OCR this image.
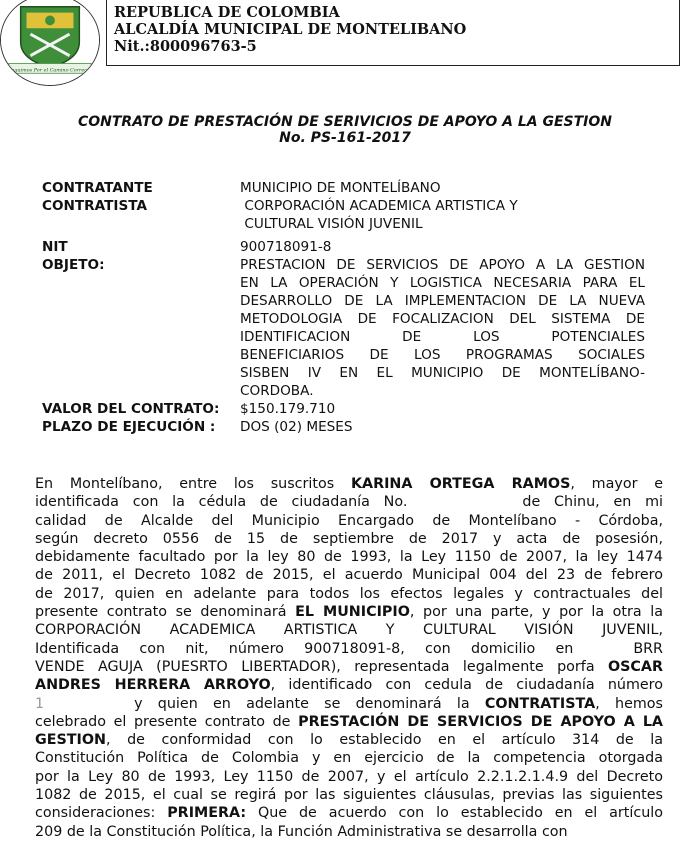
Seguimos Por el Camino Correcto
REPUBLICA DE COLOMBIA
ALCALDÍA MUNICIPAL DE MONTELIBANO
Nit.:800096763-5
CONTRATO DE PRESTACIÓN DE SERIVICIOS DE APOYO A LA GESTION
No. PS-161-2017
CONTRATANTE	MUNICIPIO DE MONTELÍBANO
CONTRATISTA	CORPORACIÓN ACADEMICA ARTISTICA Y
CULTURAL VISIÓN JUVENIL
NIT	900718091-8
OBJETO:	PRESTACION DE SERVICIOS DE APOYO A LA GESTION
EN LA OPERACIÓN Y LOGISTICA NECESARIA PARA EL
DESARROLLO DE LA IMPLEMENTACION DE LA NUEVA
METODOLOGIA DE FOCALIZACION DEL SISTEMA DE
IDENTIFICACION DE LOS POTENCIALES
BENEFICIARIOS DE LOS PROGRAMAS SOCIALES
SISBEN IV EN EL MUNICIPIO DE MONTELÍBANO-
CORDOBA.
VALOR DEL CONTRATO: $150.179.710
PLAZO DE EJECUCIÓN : DOS (02) MESES
En Montelíbano, entre los suscritos KARINA ORTEGA RAMOS, mayor e
identificada con la cédula de ciudadanía No.	de Chinu, en mi
calidad de Alcalde del Municipio Encargado de Montelíbano - Córdoba,
según decreto 0556 de 15 de septiembre de 2017 y acta de posesión,
debidamente facultado por la ley 80 de 1993, la Ley 1150 de 2007, la ley 1474
de 2011, el Decreto 1082 de 2015, el acuerdo Municipal 004 del 23 de febrero
de 2017, quien en adelante para todos los efectos legales y contractuales del
presente contrato se denominará EL MUNICIPIO, por una parte, y por la otra la
CORPORACIÓN ACADEMICA ARTISTICA Y CULTURAL VISIÓN JUVENIL,
Identificada con nit, número 900718091-8, con domicilio en	BRR
VENDE AGUJA (PUESRTO LIBERTADOR), representada legalmente porfa OSCAR
ANDRES HERRERA ARROYO, identificado con cedula de ciudadanía número
1	y quien en adelante se denominará la CONTRATISTA, hemos
celebrado el presente contrato de PRESTACIÓN DE SERVICIOS DE APOYO A LA
GESTION, de conformidad con lo establecido en el artículo 314 de la
Constitución Política de Colombia y en ejercicio de la competencia otorgada
por la Ley 80 de 1993, Ley 1150 de 2007, y el artículo 2.2.1.2.1.4.9 del Decreto
1082 de 2015, el cual se regirá por las siguientes cláusulas, previas las siguientes
consideraciones: PRIMERA: Que de acuerdo con lo establecido en el artículo
209 de la Constitución Política, la Función Administrativa se desarrolla con
